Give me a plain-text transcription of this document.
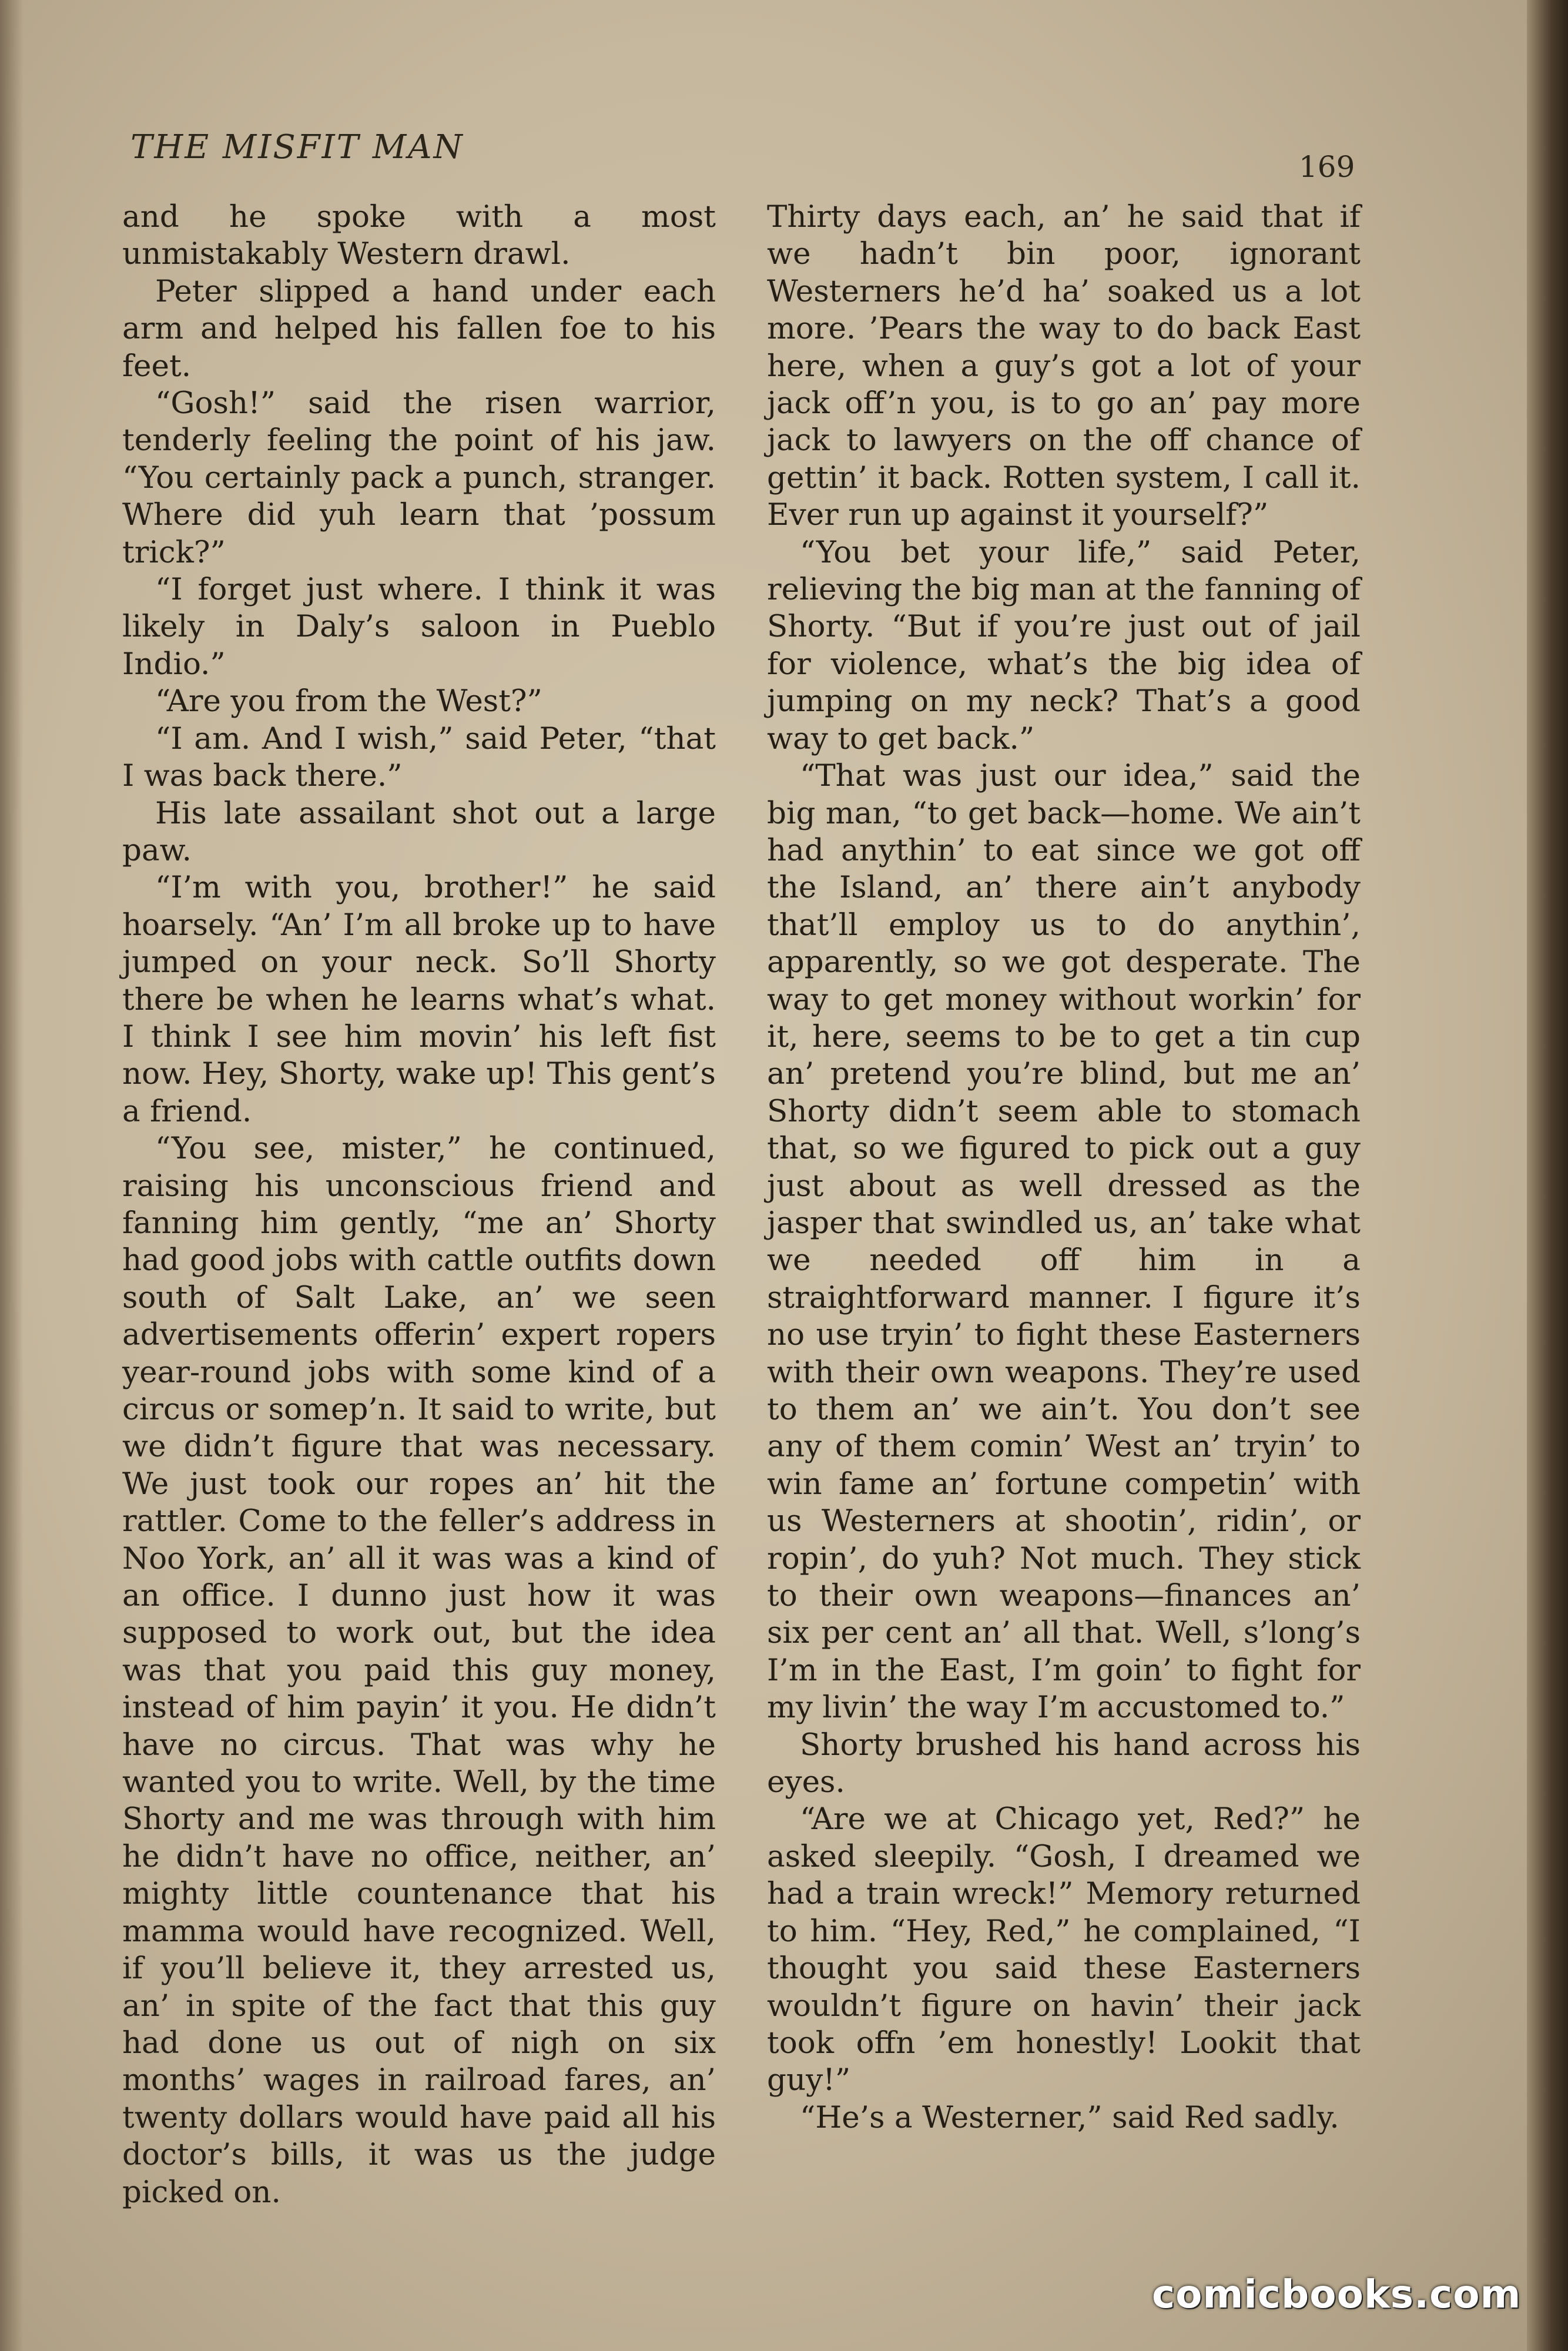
THE MISFIT MAN
169

and he spoke with a most unmistakably Western drawl.

Peter slipped a hand under each arm and helped his fallen foe to his feet.

“Gosh!” said the risen warrior, tenderly feeling the point of his jaw. “You certainly pack a punch, stranger. Where did yuh learn that ’possum trick?”

“I forget just where. I think it was likely in Daly’s saloon in Pueblo Indio.”

“Are you from the West?”

“I am. And I wish,” said Peter, “that I was back there.”

His late assailant shot out a large paw.

“I’m with you, brother!” he said hoarsely. “An’ I’m all broke up to have jumped on your neck. So’ll Shorty there be when he learns what’s what. I think I see him movin’ his left fist now. Hey, Shorty, wake up! This gent’s a friend.

“You see, mister,” he continued, raising his unconscious friend and fanning him gently, “me an’ Shorty had good jobs with cattle outfits down south of Salt Lake, an’ we seen advertisements offerin’ expert ropers year-round jobs with some kind of a circus or somep’n. It said to write, but we didn’t figure that was necessary. We just took our ropes an’ hit the rattler. Come to the feller’s address in Noo York, an’ all it was was a kind of an office. I dunno just how it was supposed to work out, but the idea was that you paid this guy money, instead of him payin’ it you. He didn’t have no circus. That was why he wanted you to write. Well, by the time Shorty and me was through with him he didn’t have no office, neither, an’ mighty little countenance that his mamma would have recognized. Well, if you’ll believe it, they arrested us, an’ in spite of the fact that this guy had done us out of nigh on six months’ wages in railroad fares, an’ twenty dollars would have paid all his doctor’s bills, it was us the judge picked on.

Thirty days each, an’ he said that if we hadn’t bin poor, ignorant Westerners he’d ha’ soaked us a lot more. ’Pears the way to do back East here, when a guy’s got a lot of your jack off’n you, is to go an’ pay more jack to lawyers on the off chance of gettin’ it back. Rotten system, I call it. Ever run up against it yourself?”

“You bet your life,” said Peter, relieving the big man at the fanning of Shorty. “But if you’re just out of jail for violence, what’s the big idea of jumping on my neck? That’s a good way to get back.”

“That was just our idea,” said the big man, “to get back—home. We ain’t had anythin’ to eat since we got off the Island, an’ there ain’t anybody that’ll employ us to do anythin’, apparently, so we got desperate. The way to get money without workin’ for it, here, seems to be to get a tin cup an’ pretend you’re blind, but me an’ Shorty didn’t seem able to stomach that, so we figured to pick out a guy just about as well dressed as the jasper that swindled us, an’ take what we needed off him in a straightforward manner. I figure it’s no use tryin’ to fight these Easterners with their own weapons. They’re used to them an’ we ain’t. You don’t see any of them comin’ West an’ tryin’ to win fame an’ fortune competin’ with us Westerners at shootin’, ridin’, or ropin’, do yuh? Not much. They stick to their own weapons—finances an’ six per cent an’ all that. Well, s’long’s I’m in the East, I’m goin’ to fight for my livin’ the way I’m accustomed to.”

Shorty brushed his hand across his eyes.

“Are we at Chicago yet, Red?” he asked sleepily. “Gosh, I dreamed we had a train wreck!” Memory returned to him. “Hey, Red,” he complained, “I thought you said these Easterners wouldn’t figure on havin’ their jack took offn ’em honestly! Lookit that guy!”

“He’s a Westerner,” said Red sadly.

comicbooks.com
